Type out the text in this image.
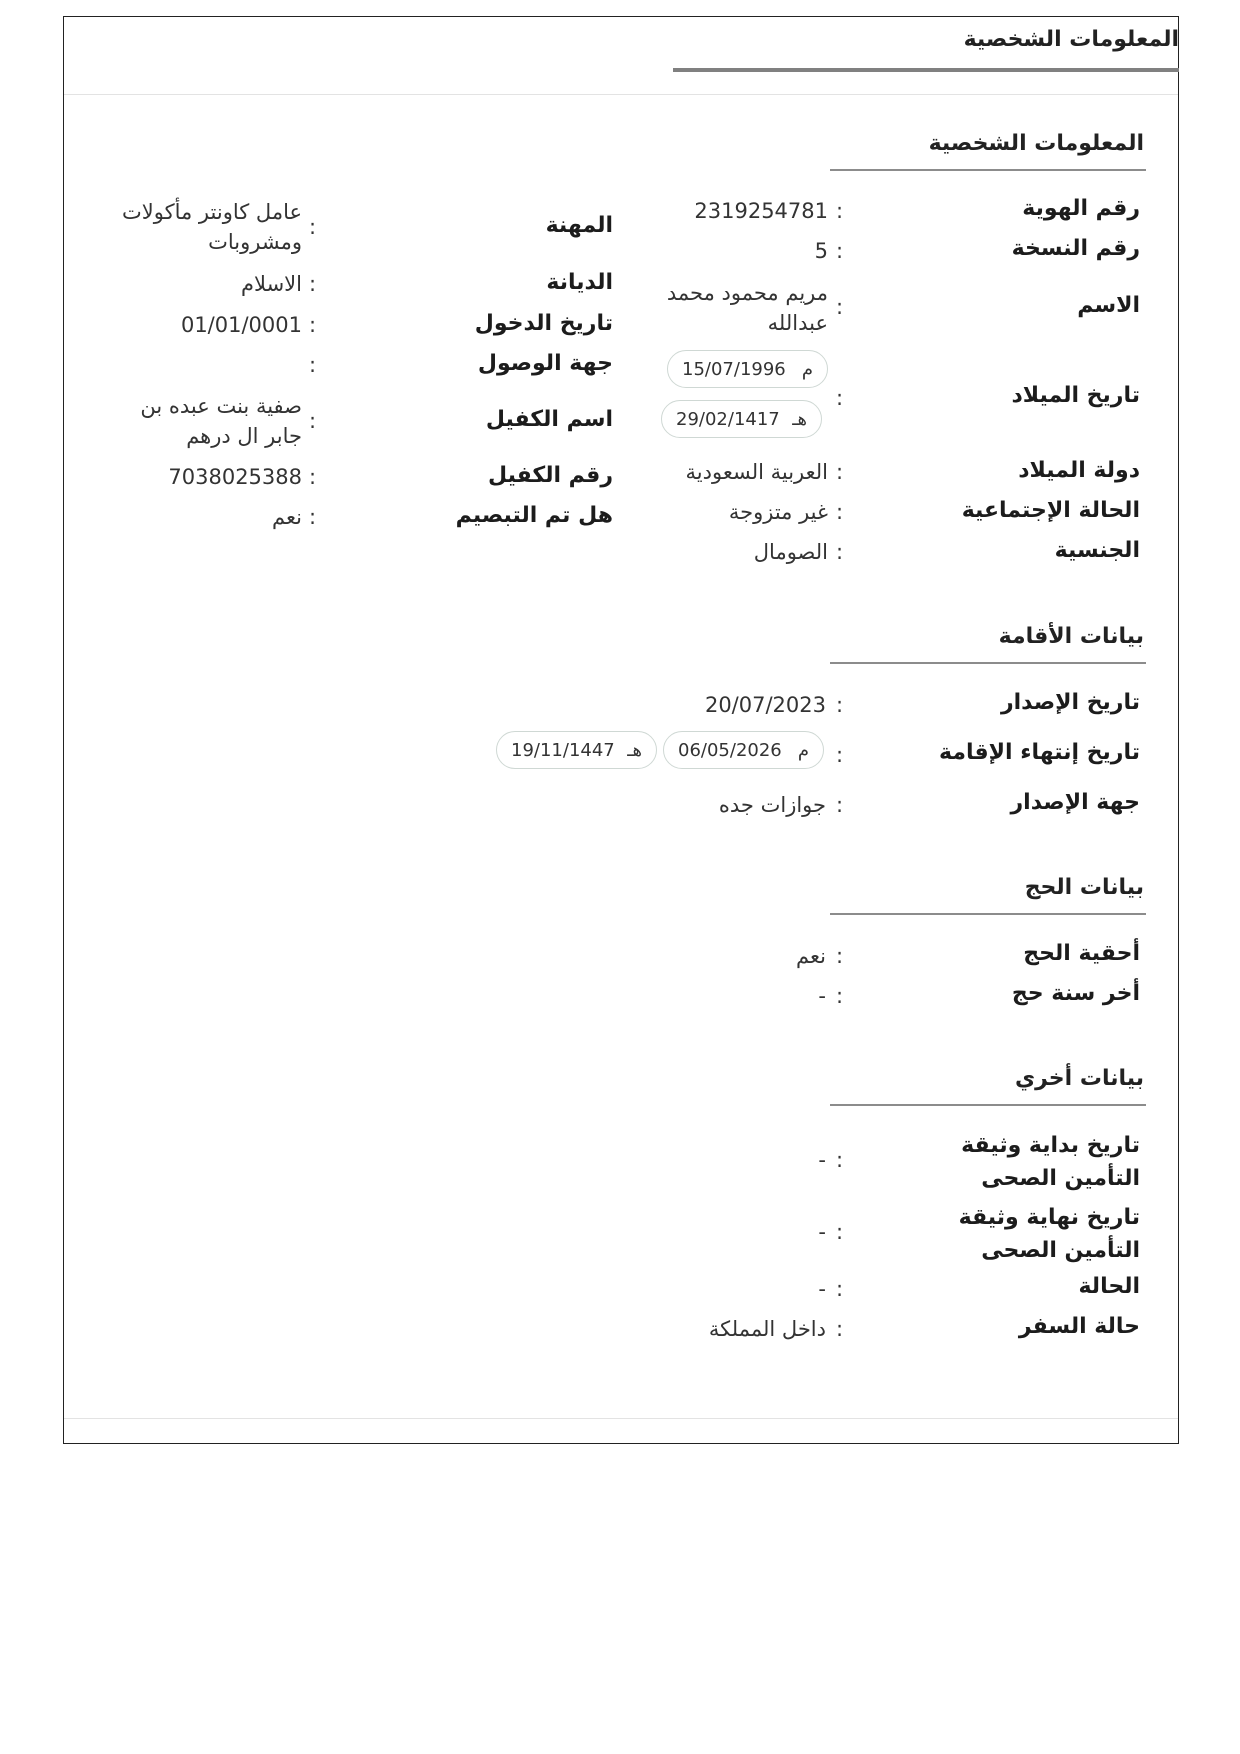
المعلومات الشخصية
المعلومات الشخصية
رقم الهوية
:
2319254781
رقم النسخة
:
5
الاسم
:
مريم محمود محمد عبدالله
تاريخ الميلاد
:
15/07/1996 م
29/02/1417 هـ
دولة الميلاد
:
العربية السعودية
الحالة الإجتماعية
:
غير متزوجة
الجنسية
:
الصومال
المهنة
:
عامل كاونتر مأكولات ومشروبات
الديانة
:
الاسلام
تاريخ الدخول
:
01/01/0001
جهة الوصول
:
اسم الكفيل
:
صفية بنت عبده بن جابر ال درهم
رقم الكفيل
:
7038025388
هل تم التبصيم
:
نعم
بيانات الأقامة
تاريخ الإصدار
:
20/07/2023
تاريخ إنتهاء الإقامة
:
06/05/2026 م
19/11/1447 هـ
جهة الإصدار
:
جوازات جده
بيانات الحج
أحقية الحج
:
نعم
أخر سنة حج
:
-
بيانات أخري
تاريخ بداية وثيقة التأمين الصحى
:
-
تاريخ نهاية وثيقة التأمين الصحى
:
-
الحالة
:
-
حالة السفر
:
داخل المملكة
